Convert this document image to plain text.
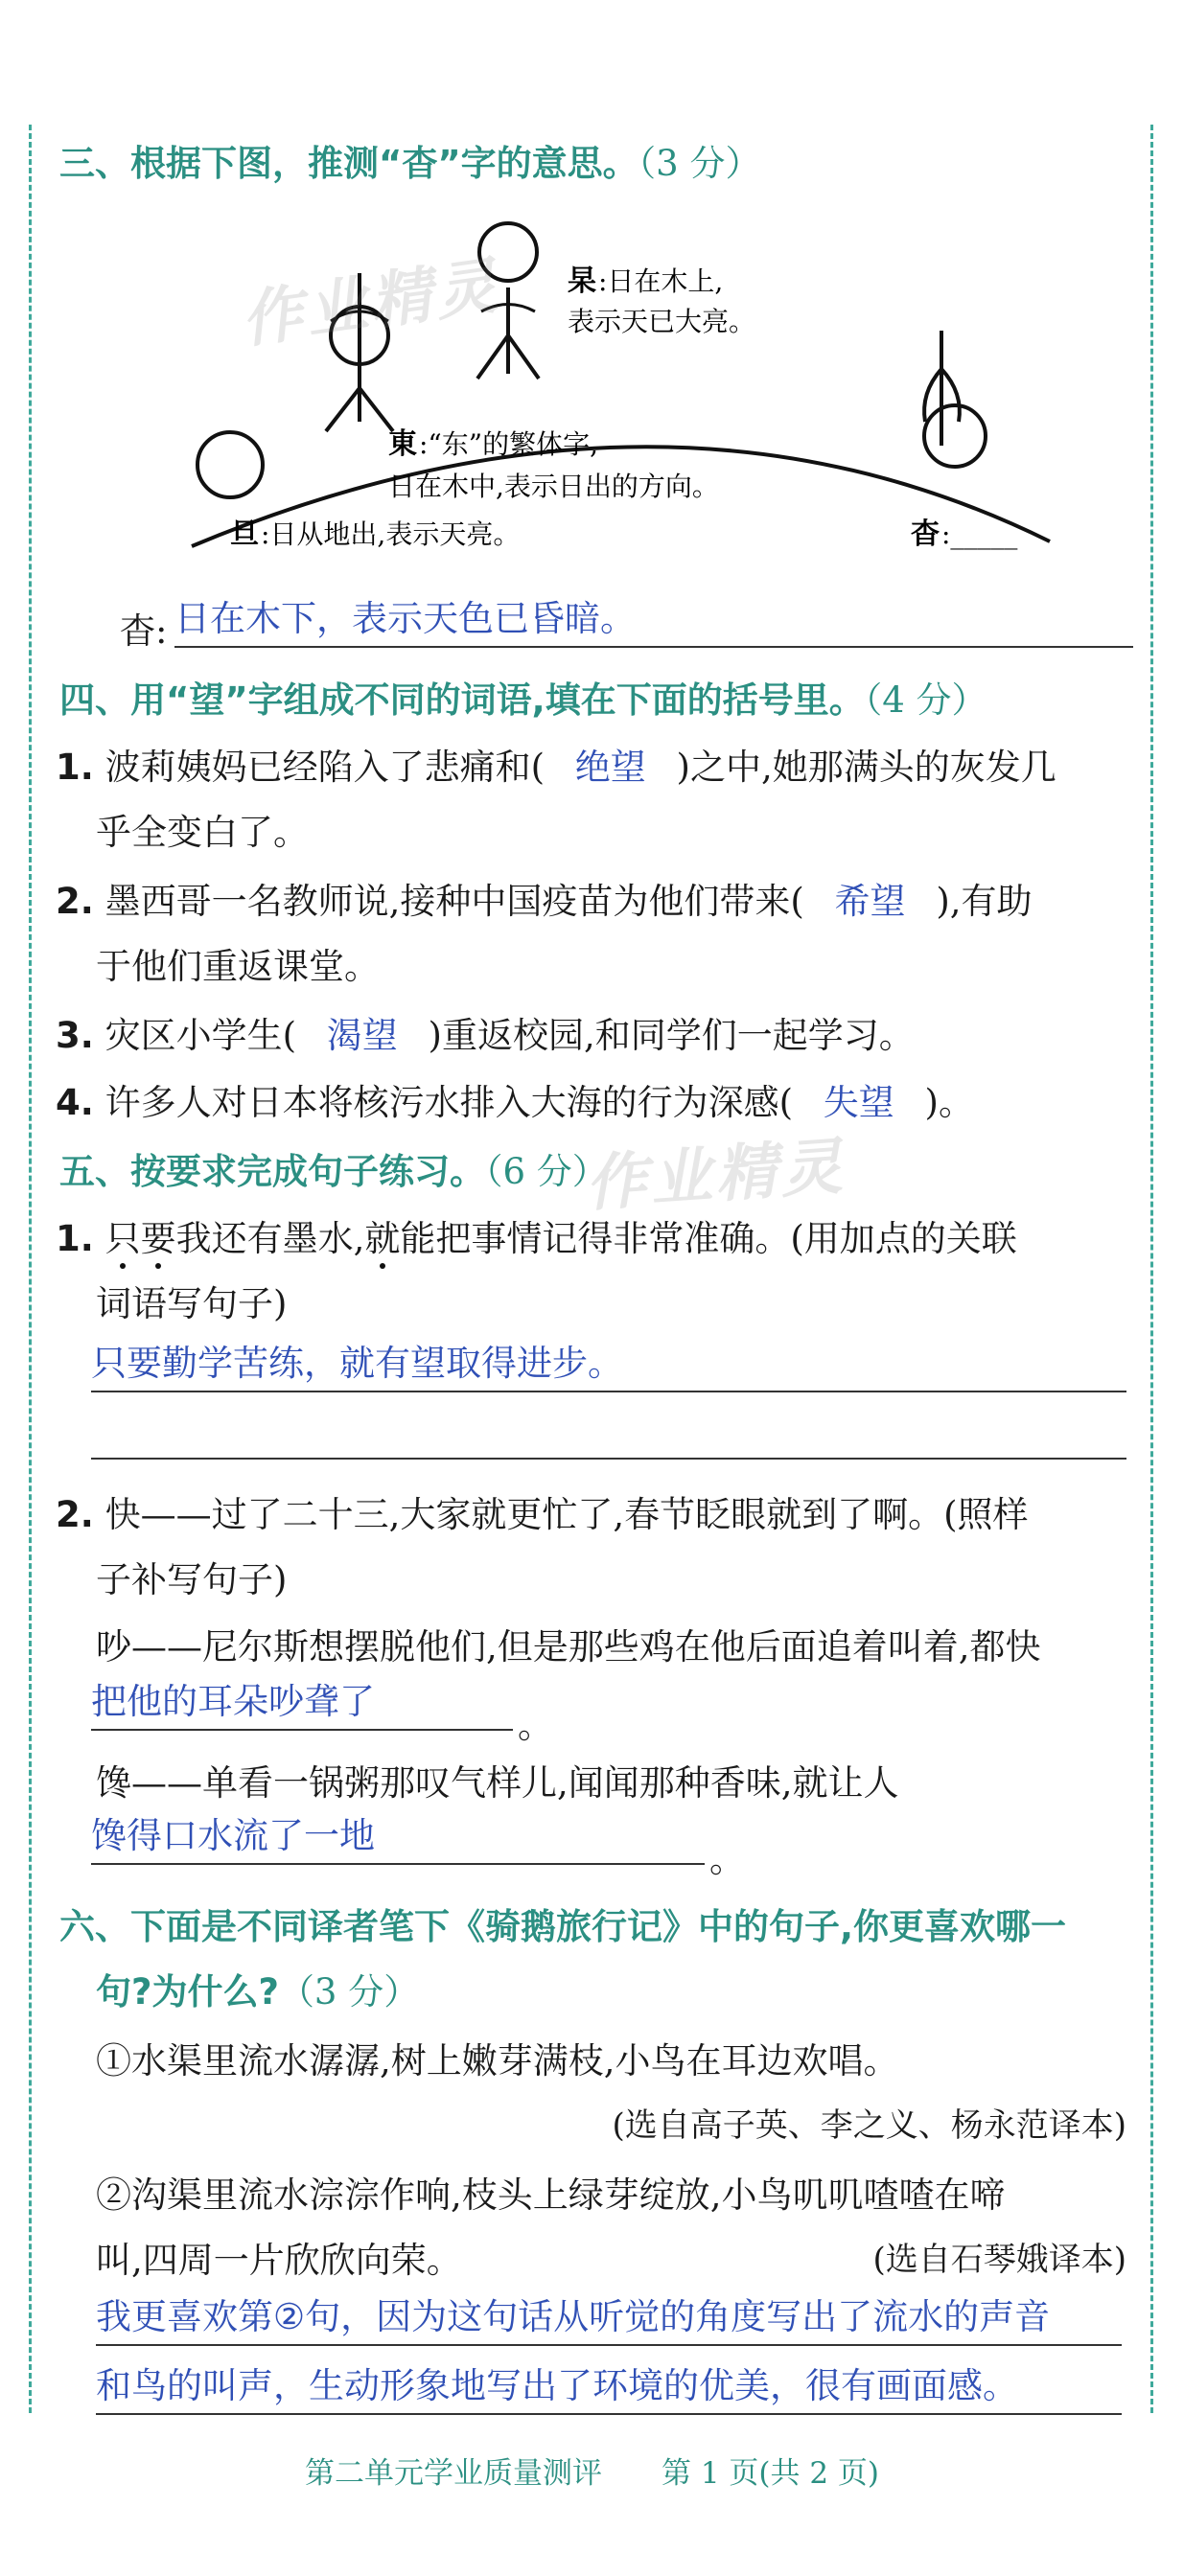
三、根据下图，推测“杳”字的意思。（3 分）
杲 :日在木上,
表示天已大亮。
東 :“东”的繁体字,
日在木中,表示日出的方向。
旦 :日从地出,表示天亮。	杳 :_____
作业精灵
杳: 日在木下，表示天色已昏暗。
四、用“望”字组成不同的词语,填在下面的括号里。（4 分）
1. 波莉姨妈已经陷入了悲痛和( 绝望 )之中,她那满头的灰发几
乎全变白了。
2. 墨西哥一名教师说,接种中国疫苗为他们带来( 希望 ),有助
于他们重返课堂。
3. 灾区小学生( 渴望 )重返校园,和同学们一起学习。
4. 许多人对日本将核污水排入大海的行为深感( 失望 )。
五、按要求完成句子练习。（6 分）
作业精灵
1. 只要我还有墨水,就能把事情记得非常准确。(用加点的关联
词语写句子)
只要勤学苦练，就有望取得进步。
2. 快——过了二十三,大家就更忙了,春节眨眼就到了啊。(照样
子补写句子)
吵——尼尔斯想摆脱他们,但是那些鸡在他后面追着叫着,都快
把他的耳朵吵聋了
。
馋——单看一锅粥那叹气样儿,闻闻那种香味,就让人
馋得口水流了一地
。
六、下面是不同译者笔下《骑鹅旅行记》中的句子,你更喜欢哪一
句?为什么?（3 分）
①水渠里流水潺潺,树上嫩芽满枝,小鸟在耳边欢唱。
(选自高子英、李之义、杨永范译本)
②沟渠里流水淙淙作响,枝头上绿芽绽放,小鸟叽叽喳喳在啼
叫,四周一片欣欣向荣。	(选自石琴娥译本)
我更喜欢第②句，因为这句话从听觉的角度写出了流水的声音
和鸟的叫声，生动形象地写出了环境的优美，很有画面感。
第二单元学业质量测评　　第 1 页(共 2 页)
